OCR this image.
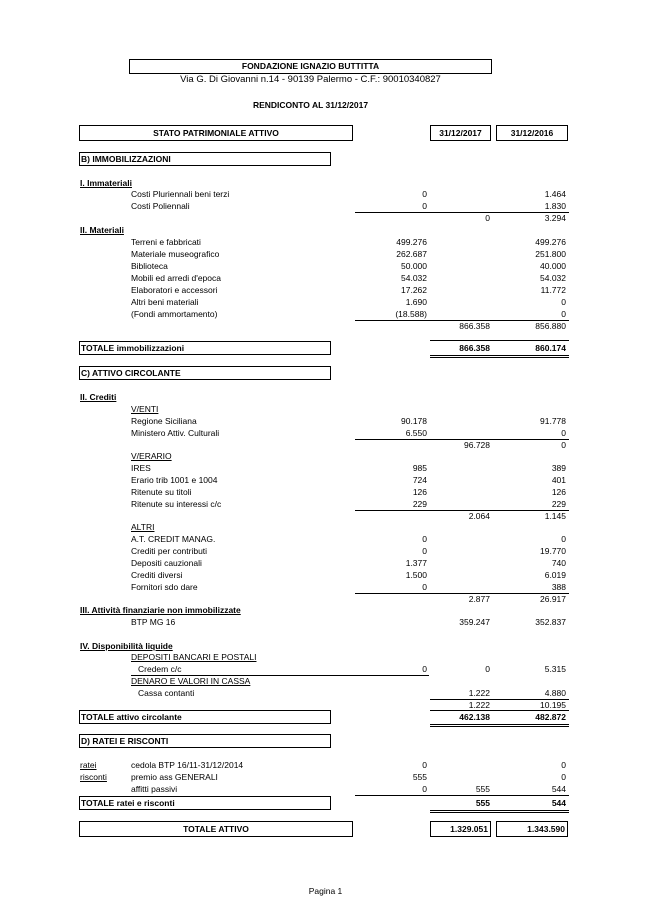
FONDAZIONE IGNAZIO BUTTITTA
Via G. Di Giovanni n.14 - 90139 Palermo - C.F.: 90010340827
RENDICONTO AL 31/12/2017
STATO PATRIMONIALE ATTIVO	31/12/2017	31/12/2016
B) IMMOBILIZZAZIONI
I. Immateriali
Costi Pluriennali beni terzi	0	1.464
Costi Poliennali	0	1.830
0	3.294
II. Materiali
Terreni e fabbricati	499.276	499.276
Materiale museografico	262.687	251.800
Biblioteca	50.000	40.000
Mobili ed arredi d'epoca	54.032	54.032
Elaboratori e accessori	17.262	11.772
Altri beni materiali	1.690	0
(Fondi ammortamento)	(18.588)	0
866.358	856.880
TOTALE immobilizzazioni	866.358	860.174
C) ATTIVO CIRCOLANTE
II. Crediti
V/ENTI
Regione Siciliana	90.178	91.778
Ministero Attiv. Culturali	6.550	0
96.728	0
V/ERARIO
IRES	985	389
Erario trib 1001 e 1004	724	401
Ritenute su titoli	126	126
Ritenute su interessi c/c	229	229
2.064	1.145
ALTRI
A.T. CREDIT MANAG.	0	0
Crediti per contributi	0	19.770
Depositi cauzionali	1.377	740
Crediti diversi	1.500	6.019
Fornitori sdo dare	0	388
2.877	26.917
III. Attività finanziarie non immobilizzate
BTP MG 16	359.247	352.837
IV. Disponibilità liquide
DEPOSITI BANCARI E POSTALI
Credem c/c	0	0	5.315
DENARO E VALORI IN CASSA
Cassa contanti	1.222	4.880
1.222	10.195
TOTALE attivo circolante	462.138	482.872
D) RATEI E RISCONTI
ratei	cedola BTP 16/11-31/12/2014	0	0
risconti	premio ass GENERALI	555	0
affitti passivi	0	555	544
TOTALE ratei e risconti	555	544
TOTALE ATTIVO	1.329.051	1.343.590
Pagina 1
